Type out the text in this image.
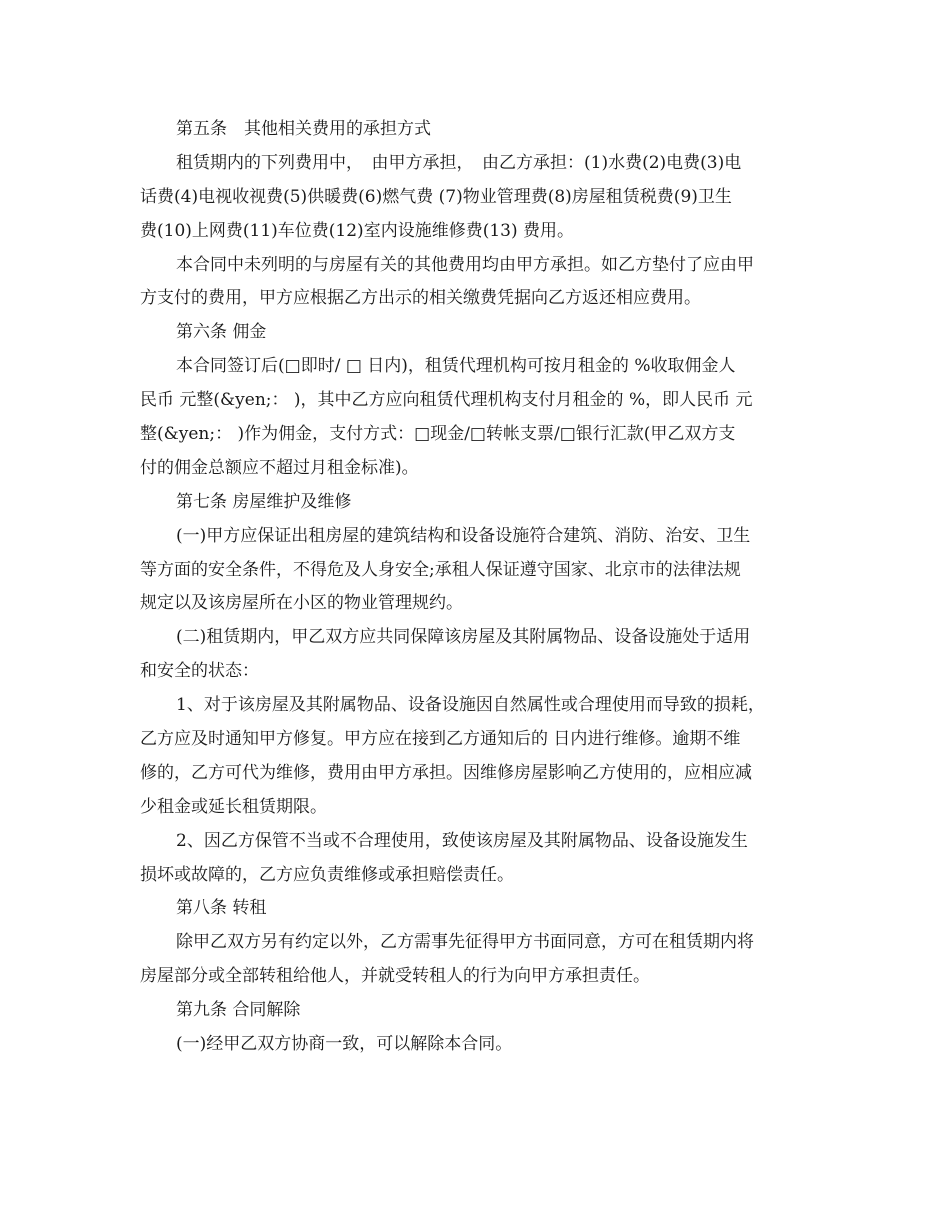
第五条　其他相关费用的承担方式
租赁期内的下列费用中，　由甲方承担，　由乙方承担：(1)水费(2)电费(3)电
话费(4)电视收视费(5)供暖费(6)燃气费 (7)物业管理费(8)房屋租赁税费(9)卫生
费(10)上网费(11)车位费(12)室内设施维修费(13) 费用。
本合同中未列明的与房屋有关的其他费用均由甲方承担。如乙方垫付了应由甲
方支付的费用，甲方应根据乙方出示的相关缴费凭据向乙方返还相应费用。
第六条 佣金
本合同签订后(□即时/ □ 日内)，租赁代理机构可按月租金的 %收取佣金人
民币 元整(&yen;： )，其中乙方应向租赁代理机构支付月租金的 %，即人民币 元
整(&yen;： )作为佣金，支付方式：□现金/□转帐支票/□银行汇款(甲乙双方支
付的佣金总额应不超过月租金标准)。
第七条 房屋维护及维修
(一)甲方应保证出租房屋的建筑结构和设备设施符合建筑、消防、治安、卫生
等方面的安全条件，不得危及人身安全;承租人保证遵守国家、北京市的法律法规
规定以及该房屋所在小区的物业管理规约。
(二)租赁期内，甲乙双方应共同保障该房屋及其附属物品、设备设施处于适用
和安全的状态：
1、对于该房屋及其附属物品、设备设施因自然属性或合理使用而导致的损耗，
乙方应及时通知甲方修复。甲方应在接到乙方通知后的 日内进行维修。逾期不维
修的，乙方可代为维修，费用由甲方承担。因维修房屋影响乙方使用的，应相应减
少租金或延长租赁期限。
2、因乙方保管不当或不合理使用，致使该房屋及其附属物品、设备设施发生
损坏或故障的，乙方应负责维修或承担赔偿责任。
第八条 转租
除甲乙双方另有约定以外，乙方需事先征得甲方书面同意，方可在租赁期内将
房屋部分或全部转租给他人，并就受转租人的行为向甲方承担责任。
第九条 合同解除
(一)经甲乙双方协商一致，可以解除本合同。
